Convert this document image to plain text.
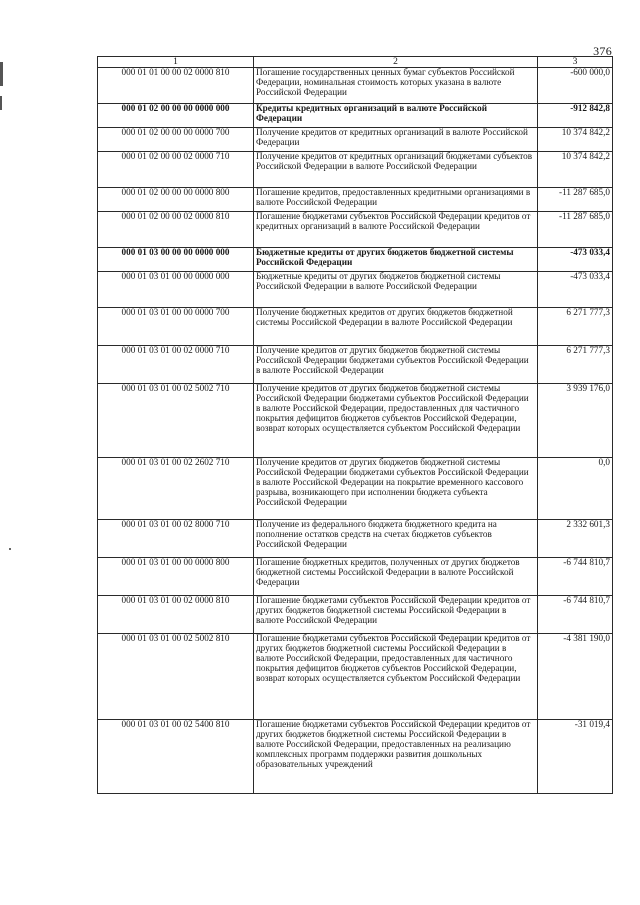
376
1	2	3
000 01 01 00 00 02 0000 810	Погашение государственных ценных бумаг субъектов Российской Федерации, номинальная стоимость которых указана в валюте Российской Федерации	-600 000,0
000 01 02 00 00 00 0000 000	Кредиты кредитных организаций в валюте Российской Федерации	-912 842,8
000 01 02 00 00 00 0000 700	Получение кредитов от кредитных организаций в валюте Российской Федерации	10 374 842,2
000 01 02 00 00 02 0000 710	Получение кредитов от кредитных организаций бюджетами субъектов Российской Федерации в валюте Российской Федерации	10 374 842,2
000 01 02 00 00 00 0000 800	Погашение кредитов, предоставленных кредитными организациями в валюте Российской Федерации	-11 287 685,0
000 01 02 00 00 02 0000 810	Погашение бюджетами субъектов Российской Федерации кредитов от кредитных организаций в валюте Российской Федерации	-11 287 685,0
000 01 03 00 00 00 0000 000	Бюджетные кредиты от других бюджетов бюджетной системы Российской Федерации	-473 033,4
000 01 03 01 00 00 0000 000	Бюджетные кредиты от других бюджетов бюджетной системы Российской Федерации в валюте Российской Федерации	-473 033,4
000 01 03 01 00 00 0000 700	Получение бюджетных кредитов от других бюджетов бюджетной системы Российской Федерации в валюте Российской Федерации	6 271 777,3
000 01 03 01 00 02 0000 710	Получение кредитов от других бюджетов бюджетной системы Российской Федерации бюджетами субъектов Российской Федерации в валюте Российской Федерации	6 271 777,3
000 01 03 01 00 02 5002 710	Получение кредитов от других бюджетов бюджетной системы Российской Федерации бюджетами субъектов Российской Федерации в валюте Российской Федерации, предоставленных для частичного покрытия дефицитов бюджетов субъектов Российской Федерации, возврат которых осуществляется субъектом Российской Федерации	3 939 176,0
000 01 03 01 00 02 2602 710	Получение кредитов от других бюджетов бюджетной системы Российской Федерации бюджетами субъектов Российской Федерации в валюте Российской Федерации на покрытие временного кассового разрыва, возникающего при исполнении бюджета субъекта Российской Федерации	0,0
000 01 03 01 00 02 8000 710	Получение из федерального бюджета бюджетного кредита на пополнение остатков средств на счетах бюджетов субъектов Российской Федерации	2 332 601,3
000 01 03 01 00 00 0000 800	Погашение бюджетных кредитов, полученных от других бюджетов бюджетной системы Российской Федерации в валюте Российской Федерации	-6 744 810,7
000 01 03 01 00 02 0000 810	Погашение бюджетами субъектов Российской Федерации кредитов от других бюджетов бюджетной системы Российской Федерации в валюте Российской Федерации	-6 744 810,7
000 01 03 01 00 02 5002 810	Погашение бюджетами субъектов Российской Федерации кредитов от других бюджетов бюджетной системы Российской Федерации в валюте Российской Федерации, предоставленных для частичного покрытия дефицитов бюджетов субъектов Российской Федерации, возврат которых осуществляется субъектом Российской Федерации	-4 381 190,0
000 01 03 01 00 02 5400 810	Погашение бюджетами субъектов Российской Федерации кредитов от других бюджетов бюджетной системы Российской Федерации в валюте Российской Федерации, предоставленных на реализацию комплексных программ поддержки развития дошкольных образовательных учреждений	-31 019,4
